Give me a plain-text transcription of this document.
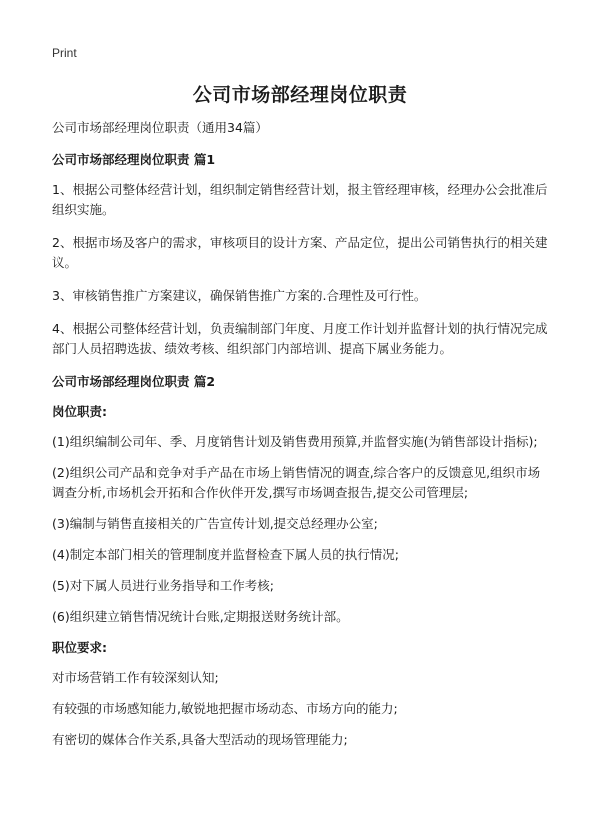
Print
公司市场部经理岗位职责
公司市场部经理岗位职责（通用34篇）
公司市场部经理岗位职责 篇1
1、根据公司整体经营计划，组织制定销售经营计划，报主管经理审核，经理办公会批准后组织实施。
2、根据市场及客户的需求，审核项目的设计方案、产品定位，提出公司销售执行的相关建议。
3、审核销售推广方案建议，确保销售推广方案的.合理性及可行性。
4、根据公司整体经营计划，负责编制部门年度、月度工作计划并监督计划的执行情况完成部门人员招聘选拔、绩效考核、组织部门内部培训、提高下属业务能力。
公司市场部经理岗位职责 篇2
岗位职责:
(1)组织编制公司年、季、月度销售计划及销售费用预算,并监督实施(为销售部设计指标);
(2)组织公司产品和竞争对手产品在市场上销售情况的调查,综合客户的反馈意见,组织市场调查分析,市场机会开拓和合作伙伴开发,撰写市场调查报告,提交公司管理层;
(3)编制与销售直接相关的广告宣传计划,提交总经理办公室;
(4)制定本部门相关的管理制度并监督检查下属人员的执行情况;
(5)对下属人员进行业务指导和工作考核;
(6)组织建立销售情况统计台账,定期报送财务统计部。
职位要求:
对市场营销工作有较深刻认知;
有较强的市场感知能力,敏锐地把握市场动态、市场方向的能力;
有密切的媒体合作关系,具备大型活动的现场管理能力;
